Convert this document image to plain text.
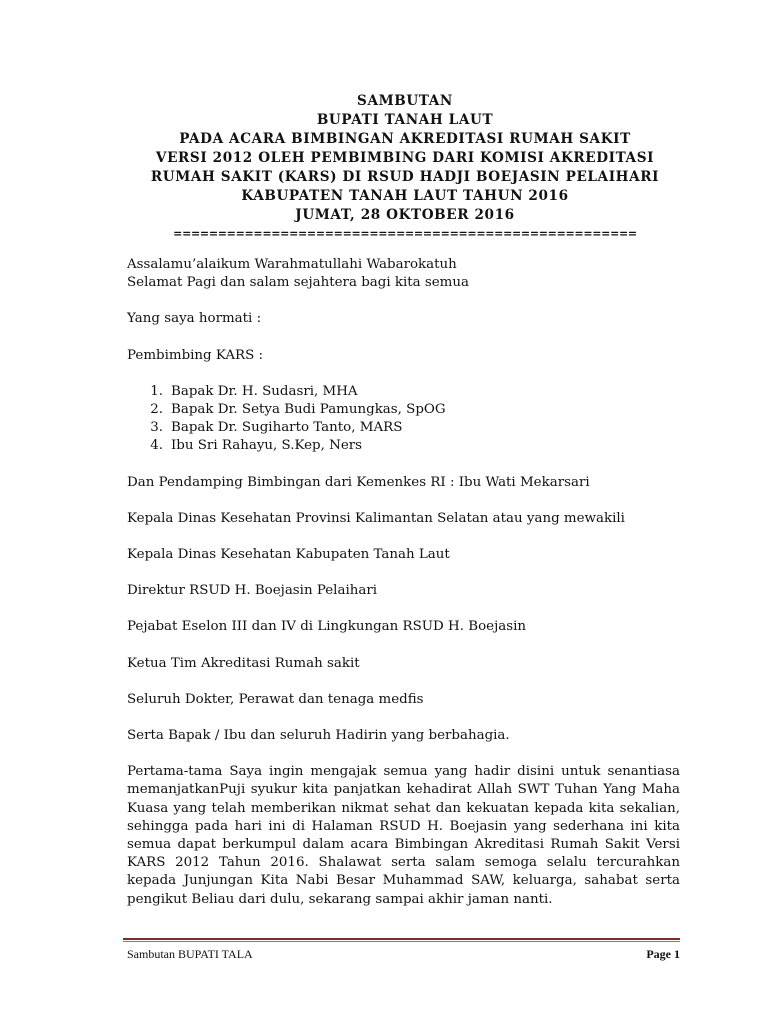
SAMBUTAN
BUPATI TANAH LAUT
PADA ACARA BIMBINGAN AKREDITASI RUMAH SAKIT
VERSI 2012 OLEH PEMBIMBING DARI KOMISI AKREDITASI
RUMAH SAKIT (KARS) DI RSUD HADJI BOEJASIN PELAIHARI
KABUPATEN TANAH LAUT TAHUN 2016
JUMAT, 28 OKTOBER 2016
====================================================

Assalamu’alaikum Warahmatullahi Wabarokatuh

Selamat Pagi dan salam sejahtera bagi kita semua

Yang saya hormati :

Pembimbing KARS :

1. Bapak Dr. H. Sudasri, MHA
2. Bapak Dr. Setya Budi Pamungkas, SpOG
3. Bapak Dr. Sugiharto Tanto, MARS
4. Ibu Sri Rahayu, S.Kep, Ners

Dan Pendamping Bimbingan dari Kemenkes RI : Ibu Wati Mekarsari

Kepala Dinas Kesehatan Provinsi Kalimantan Selatan atau yang mewakili

Kepala Dinas Kesehatan Kabupaten Tanah Laut

Direktur RSUD H. Boejasin Pelaihari

Pejabat Eselon III dan IV di Lingkungan RSUD H. Boejasin

Ketua Tim Akreditasi Rumah sakit

Seluruh Dokter, Perawat dan tenaga medfis

Serta Bapak / Ibu dan seluruh Hadirin yang berbahagia.

Pertama-tama Saya ingin mengajak semua yang hadir disini untuk senantiasa memanjatkanPuji syukur kita panjatkan kehadirat Allah SWT Tuhan Yang Maha Kuasa yang telah memberikan nikmat sehat dan kekuatan kepada kita sekalian, sehingga pada hari ini di Halaman RSUD H. Boejasin yang sederhana ini kita semua dapat berkumpul dalam acara Bimbingan Akreditasi Rumah Sakit Versi KARS 2012 Tahun 2016. Shalawat serta salam semoga selalu tercurahkan kepada Junjungan Kita Nabi Besar Muhammad SAW, keluarga, sahabat serta pengikut Beliau dari dulu, sekarang sampai akhir jaman nanti.

Sambutan BUPATI TALA	Page 1
